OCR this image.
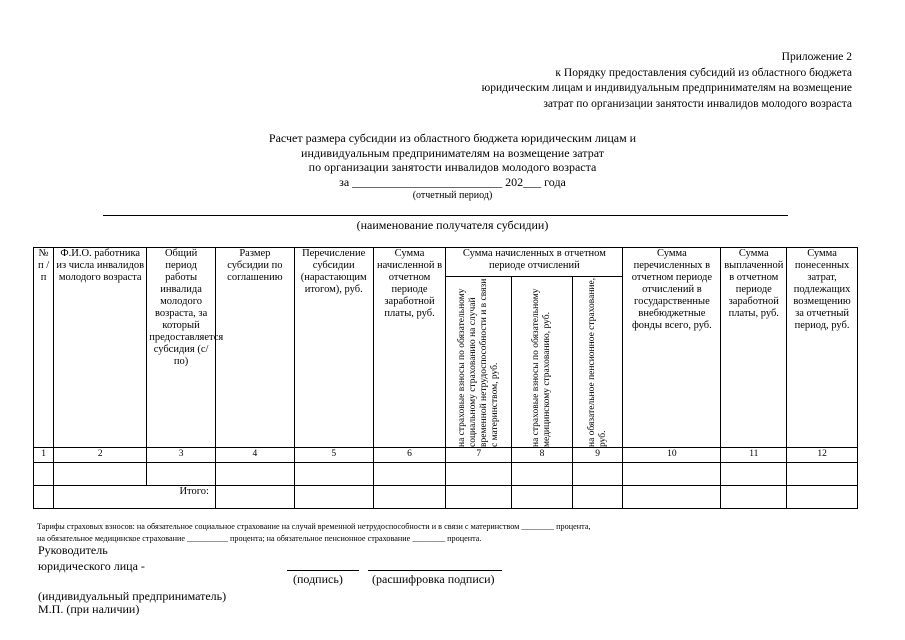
Приложение 2
к Порядку предоставления субсидий из областного бюджета
юридическим лицам и индивидуальным предпринимателям на возмещение
затрат по организации занятости инвалидов молодого возраста
Расчет размера субсидии из областного бюджета юридическим лицам и
индивидуальным предпринимателям на возмещение затрат
по организации занятости инвалидов молодого возраста
за _________________________ 202___ года
(отчетный период)
(наименование получателя субсидии)
№ п / п	Ф.И.О. работника из числа инвалидов молодого возраста	Общий период работы инвалида молодого возраста, за который предоставляется субсидия (с/по)	Размер субсидии по соглашению	Перечисление субсидии (нарастающим итогом), руб.	Сумма начисленной в отчетном периоде заработной платы, руб.	Сумма начисленных в отчетном периоде отчислений			Сумма перечисленных в отчетном периоде отчислений в государственные внебюджетные фонды всего, руб.	Сумма выплаченной в отчетном периоде заработной платы, руб.	Сумма понесенных затрат, подлежащих возмещению за отчетный период, руб.

						на страховые взносы по обязательному социальному страхованию на случай временной нетрудоспособности и в связи с материнством, руб.	на страховые взносы по обязательному медицинскому страхованию, руб.	на обязательное пенсионное страхование, руб.			

1	2	3	4	5	6	7	8	9	10	11	12

	Итого:										
Тарифы страховых взносов: на обязательное социальное страхование на случай временной нетрудоспособности и в связи с материнством ________ процента,
на обязательное медицинское страхование __________ процента; на обязательное пенсионное страхование ________ процента.
Руководитель
юридического лица -
(индивидуальный предприниматель)
М.П. (при наличии)
(подпись) (расшифровка подписи)
